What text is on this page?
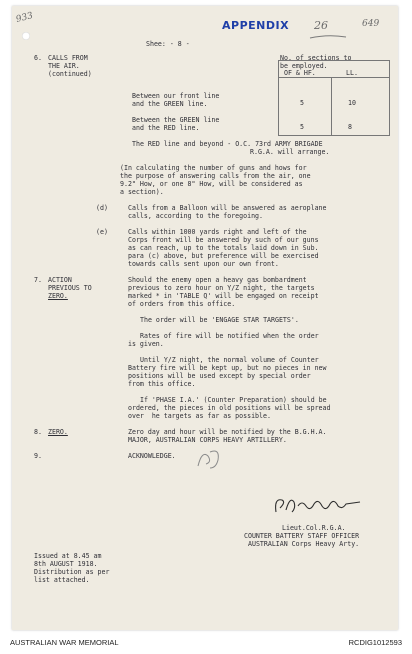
933
Shee: - 8 -
APPENDIX 26	649
6. CALLS FROM
THE AIR.
(continued)
No. of sections to
be employed.
OF & HF.	LL.
Between our front line
and the GREEN line.	5	10
Between the GREEN line
and the RED line.	5	8
The RED line and beyond - O.C. 73rd ARMY BRIGADE
R.G.A. will arrange.
(In calculating the number of guns and hows for
the purpose of answering calls from the air, one
9.2" How, or one 8" How, will be considered as
a section).
(d)	Calls from a Balloon will be answered as aeroplane
calls, according to the foregoing.
(e)	Calls within 1000 yards right and left of the
Corps front will be answered by such of our guns
as can reach, up to the totals laid down in Sub.
para (c) above, but preference will be exercised
towards calls sent upon our own front.
7. ACTION
PREVIOUS TO
ZERO.
Should the enemy open a heavy gas bombardment
previous to zero hour on Y/Z night, the targets
marked * in 'TABLE Q' will be engaged on receipt
of orders from this office.
The order will be 'ENGAGE STAR TARGETS'.
Rates of fire will be notified when the order
is given.
Until Y/Z night, the normal volume of Counter
Battery fire will be kept up, but no pieces in new
positions will be used except by special order
from this office.
If 'PHASE I.A.' (Counter Preparation) should be
ordered, the pieces in old positions will be spread
over  he targets as far as possible.
8. ZERO.	Zero day and hour will be notified by the B.G.H.A.
MAJOR, AUSTRALIAN CORPS HEAVY ARTILLERY.
9.	ACKNOWLEDGE.
Lieut.Col.R.G.A.
COUNTER BATTERY STAFF OFFICER
AUSTRALIAN Corps Heavy Arty.
Issued at 8.45 am
8th AUGUST 1918.
Distribution as per
list attached.
AUSTRALIAN WAR MEMORIAL	RCDIG1012593
